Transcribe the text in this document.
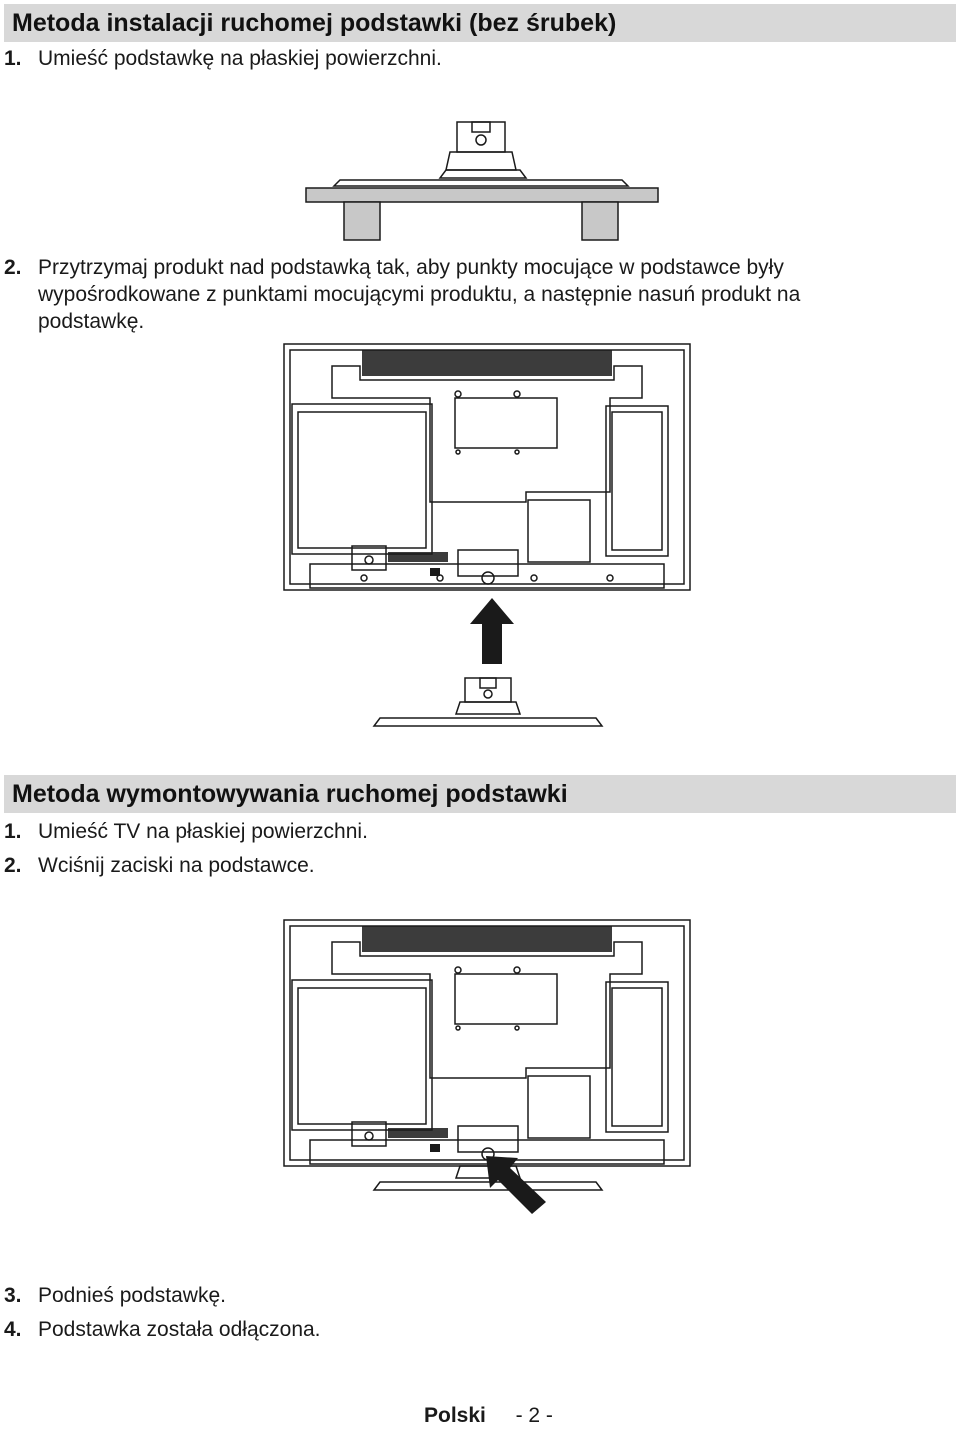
Metoda instalacji ruchomej podstawki (bez śrubek)
1. Umieść podstawkę na płaskiej powierzchni.
2. Przytrzymaj produkt nad podstawką tak, aby punkty mocujące w podstawce były
wypośrodkowane z punktami mocującymi produktu, a następnie nasuń produkt na
podstawkę.
Metoda wymontowywania ruchomej podstawki
1. Umieść TV na płaskiej powierzchni.
2. Wciśnij zaciski na podstawce.
3. Podnieś podstawkę.
4. Podstawka została odłączona.
Polski - 2 -
